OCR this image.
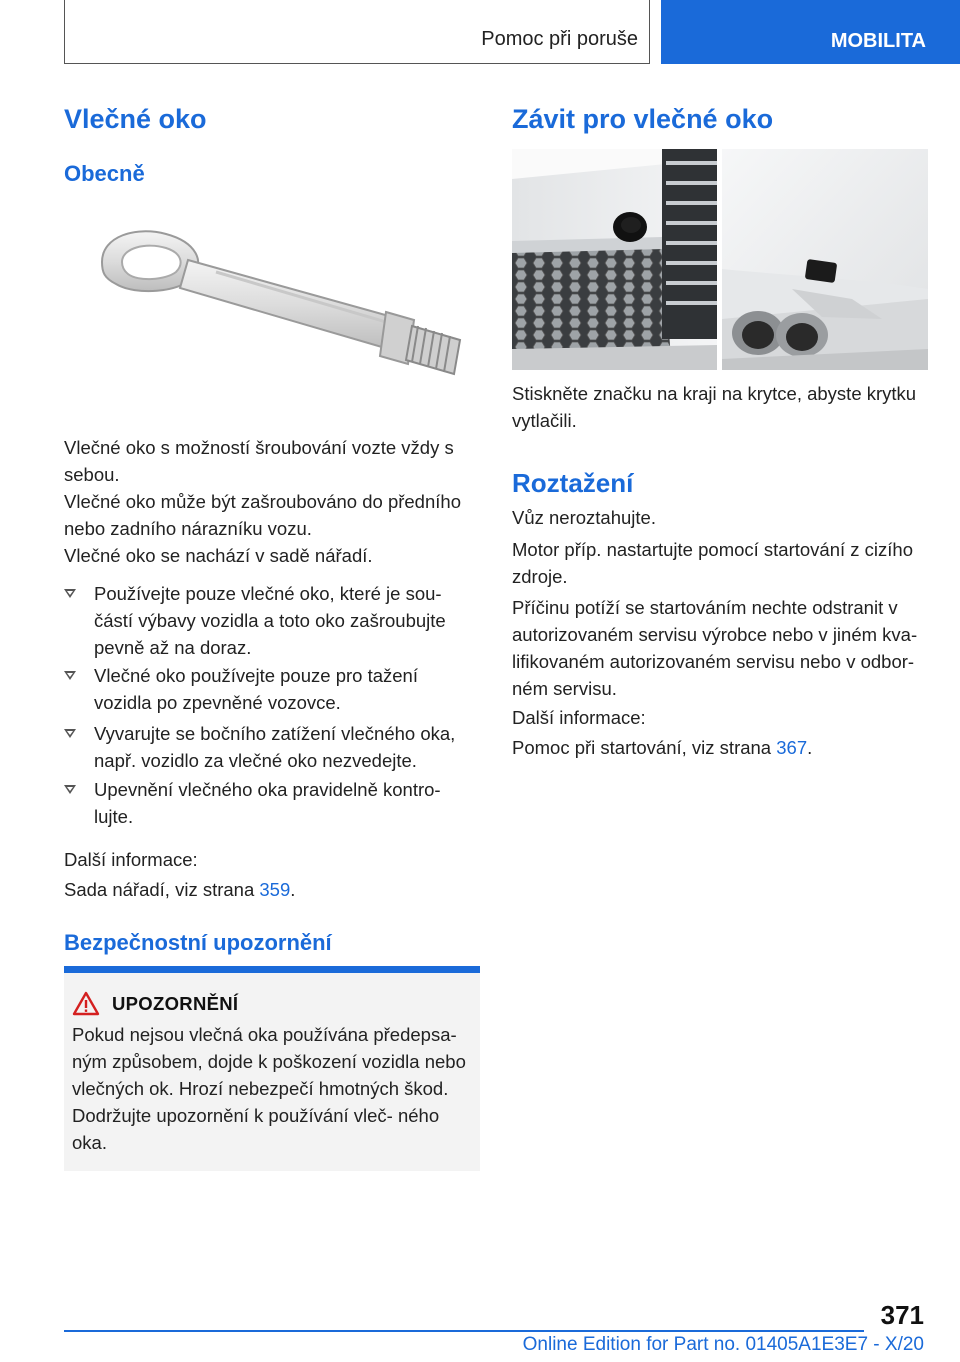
Pomoc při poruše	MOBILITA
Vlečné oko
Obecně

Vlečné oko s možností šroubování vozte vždy s sebou.

Vlečné oko může být zašroubováno do předního nebo zadního nárazníku vozu.

Vlečné oko se nachází v sadě nářadí.

Používejte pouze vlečné oko, které je sou‐ částí výbavy vozidla a toto oko zašroubujte pevně až na doraz.
Vlečné oko používejte pouze pro tažení vozidla po zpevněné vozovce.
Vyvarujte se bočního zatížení vlečného oka, např. vozidlo za vlečné oko nezvedejte.
Upevnění vlečného oka pravidelně kontro‐ lujte.

Další informace:

Sada nářadí, viz strana 359.

Bezpečnostní upozornění
UPOZORNĚNÍ
Pokud nejsou vlečná oka používána předepsa‐ ným způsobem, dojde k poškození vozidla nebo vlečných ok. Hrozí nebezpečí hmotných škod. Dodržujte upozornění k používání vleč‐ ného oka.
Závit pro vlečné oko

Stiskněte značku na kraji na krytce, abyste krytku vytlačili.

Roztažení

Vůz neroztahujte.

Motor příp. nastartujte pomocí startování z cizího zdroje.

Příčinu potíží se startováním nechte odstranit v autorizovaném servisu výrobce nebo v jiném kva‐ lifikovaném autorizovaném servisu nebo v odbor‐ ném servisu.

Další informace:

Pomoc při startování, viz strana 367.

371
Online Edition for Part no. 01405A1E3E7 - X/20
